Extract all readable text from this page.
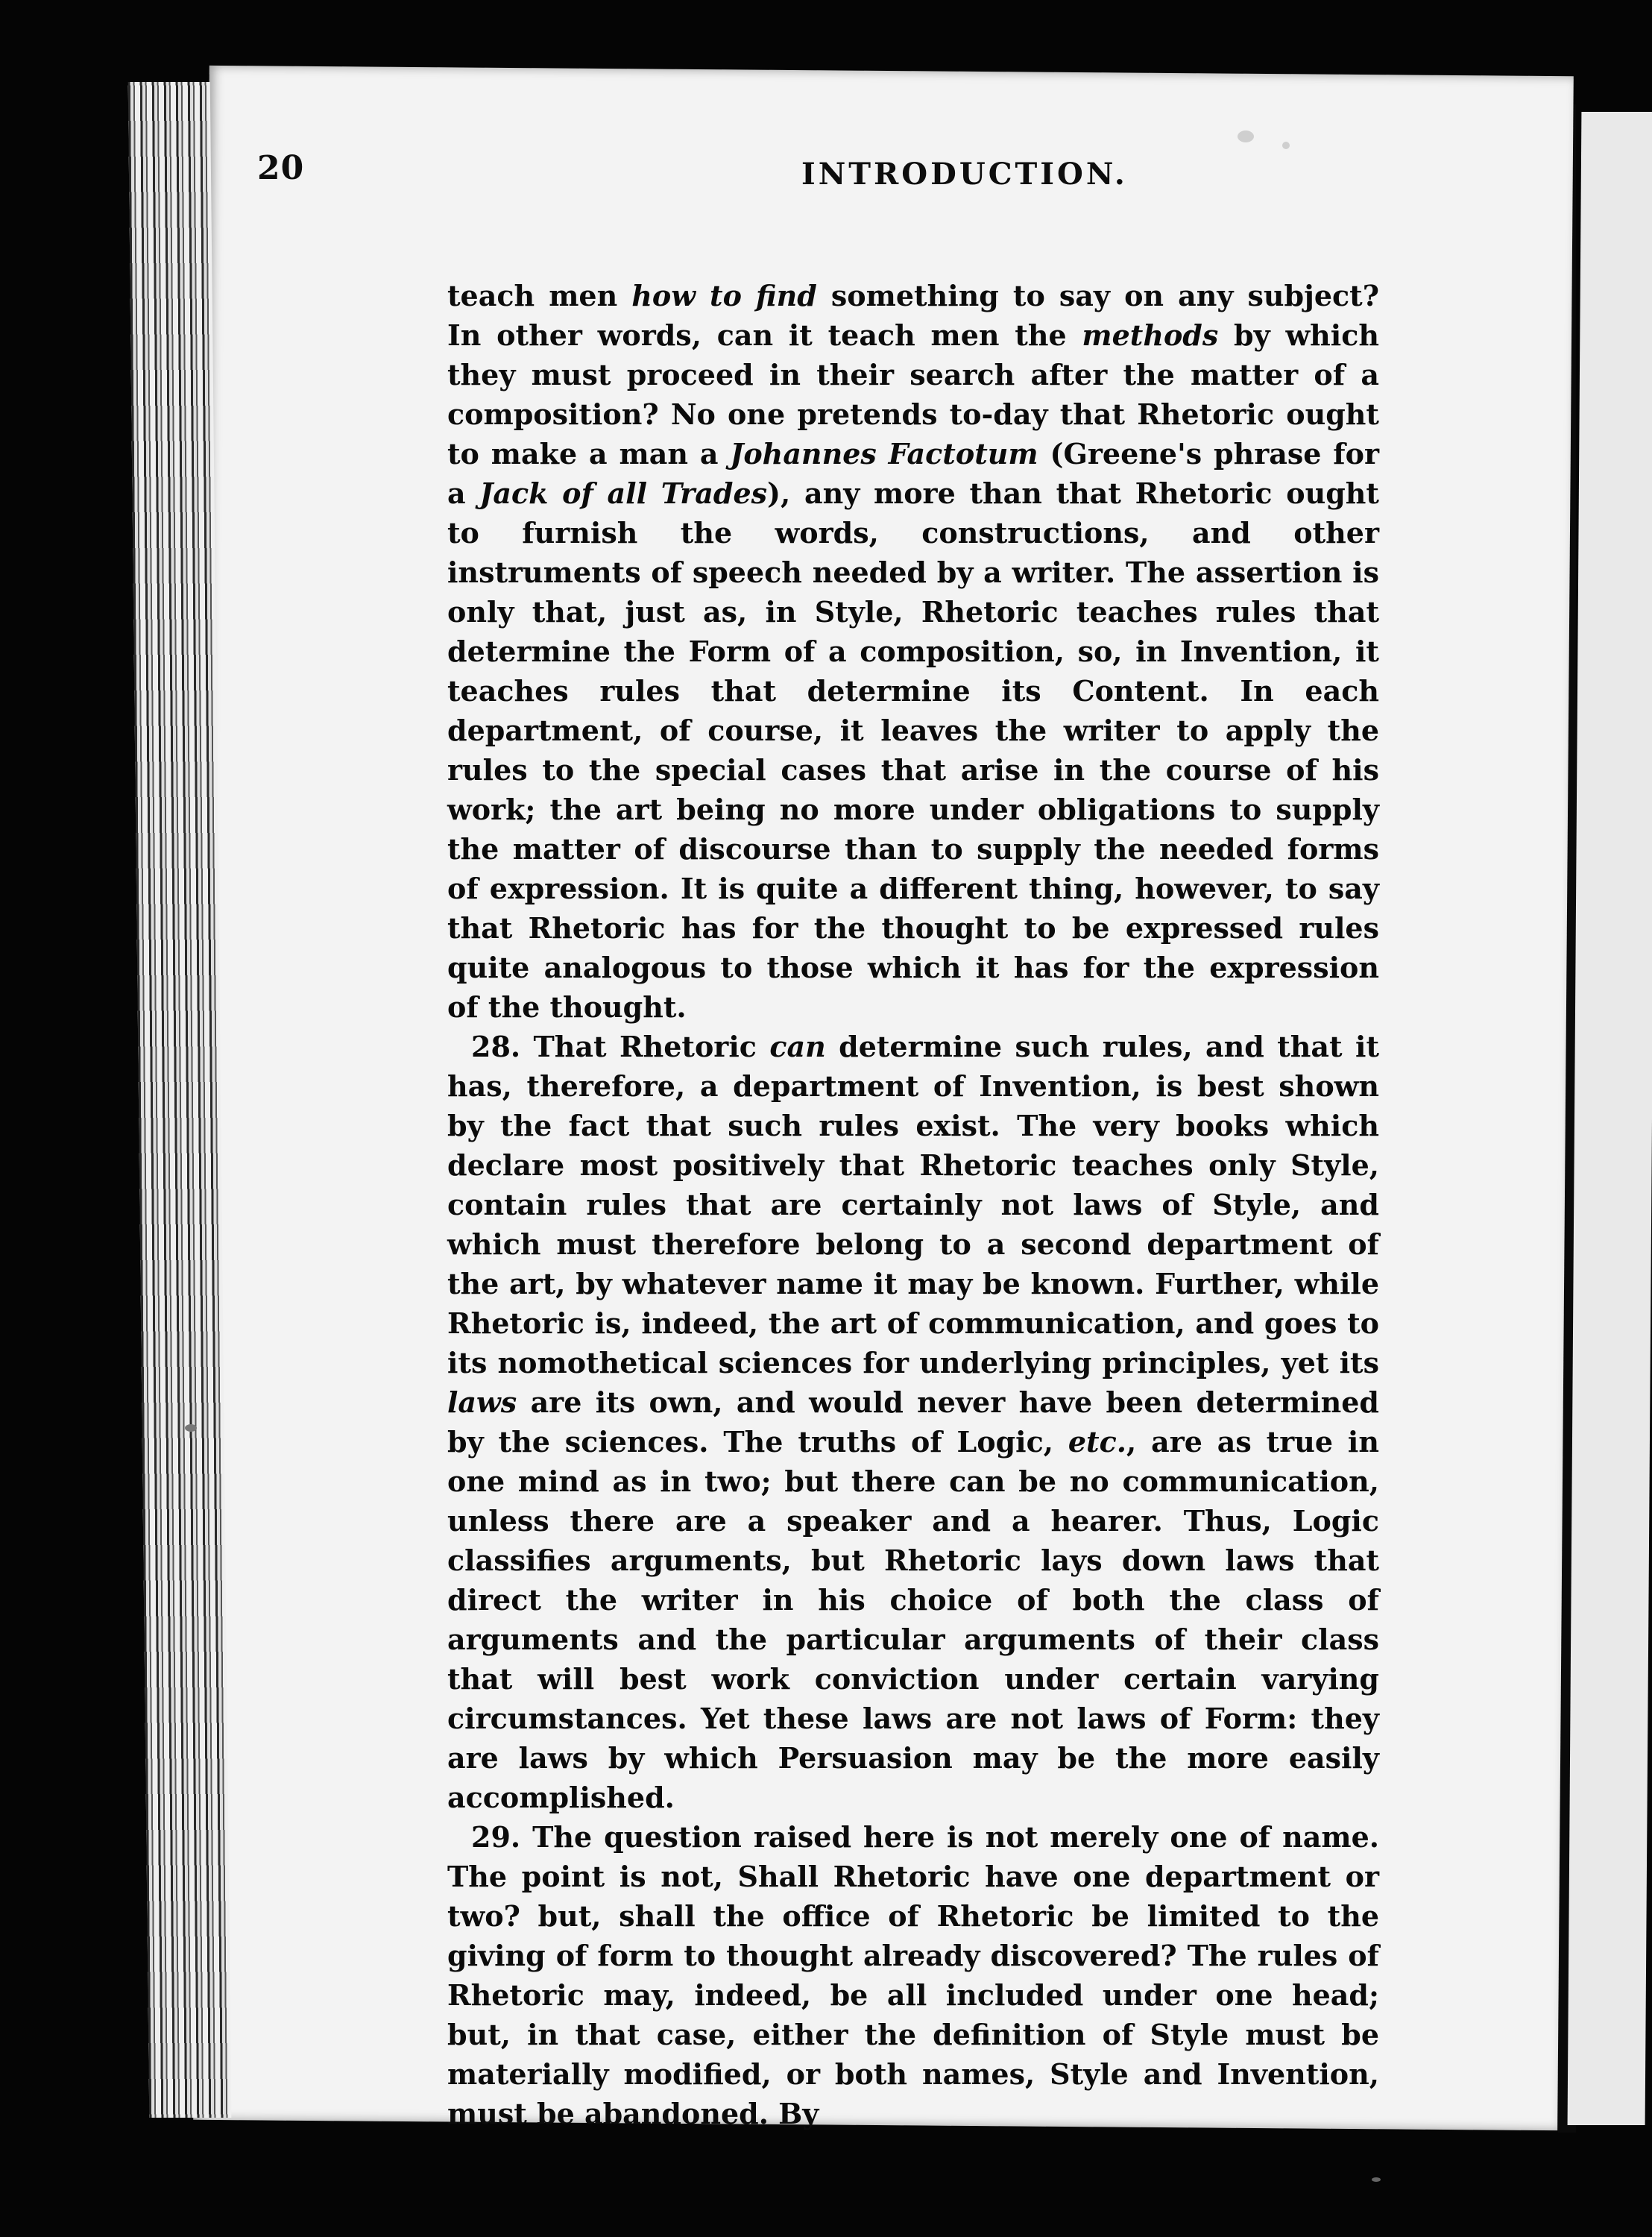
20	INTRODUCTION.

teach men how to find something to say on any subject? In other words, can it teach men the methods by which they must proceed in their search after the matter of a composition? No one pretends to-day that Rhetoric ought to make a man a Johannes Factotum (Greene's phrase for a Jack of all Trades), any more than that Rhetoric ought to furnish the words, constructions, and other instruments of speech needed by a writer. The assertion is only that, just as, in Style, Rhetoric teaches rules that determine the Form of a composition, so, in Invention, it teaches rules that determine its Content. In each department, of course, it leaves the writer to apply the rules to the special cases that arise in the course of his work; the art being no more under obligations to supply the matter of discourse than to supply the needed forms of expression. It is quite a different thing, however, to say that Rhetoric has for the thought to be expressed rules quite analogous to those which it has for the expression of the thought.

28. That Rhetoric can determine such rules, and that it has, therefore, a department of Invention, is best shown by the fact that such rules exist. The very books which declare most positively that Rhetoric teaches only Style, contain rules that are certainly not laws of Style, and which must therefore belong to a second department of the art, by whatever name it may be known. Further, while Rhetoric is, indeed, the art of communication, and goes to its nomothetical sciences for underlying principles, yet its laws are its own, and would never have been determined by the sciences. The truths of Logic, etc., are as true in one mind as in two; but there can be no communication, unless there are a speaker and a hearer. Thus, Logic classifies arguments, but Rhetoric lays down laws that direct the writer in his choice of both the class of arguments and the particular arguments of their class that will best work conviction under certain varying circumstances. Yet these laws are not laws of Form: they are laws by which Persuasion may be the more easily accomplished.

29. The question raised here is not merely one of name. The point is not, Shall Rhetoric have one department or two? but, shall the office of Rhetoric be limited to the giving of form to thought already discovered? The rules of Rhetoric may, indeed, be all included under one head; but, in that case, either the definition of Style must be materially modified, or both names, Style and Invention, must be abandoned. By
